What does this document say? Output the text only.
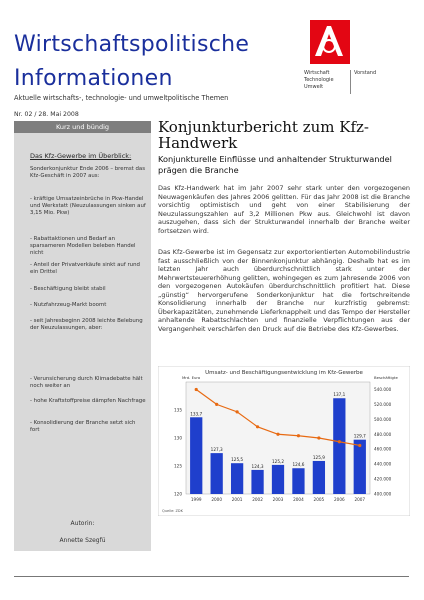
Wirtschaftspolitische
Informationen
Aktuelle wirtschafts-, technologie- und umweltpolitische Themen
Wirtschaft
Technologie
Umwelt
Vorstand
Nr. 02 / 28. Mai 2008
Kurz und bündig
Das Kfz-Gewerbe im Überblick:
Sonderkonjunktur Ende 2006 – bremst das Kfz-Geschäft in 2007 aus:
- kräftige Umsatzeinbrüche in Pkw-Handel und Werkstatt (Neuzulassungen sinken auf 3,15 Mio. Pkw)
- Rabattaktionen und Bedarf an sparsameren Modellen beleben Handel nicht
- Anteil der Privatverkäufe sinkt auf rund ein Drittel
- Beschäftigung bleibt stabil
- Nutzfahrzeug-Markt boomt
- seit Jahresbeginn 2008 leichte Belebung der Neuzulassungen, aber:
- Verunsicherung durch Klimadebatte hält noch weiter an
- hohe Kraftstoffpreise dämpfen Nachfrage
- Konsolidierung der Branche setzt sich fort
Autorin:
Annette Szegfü
Konjunkturbericht zum Kfz-Handwerk
Konjunkturelle Einflüsse und anhaltender Strukturwandel prägen die Branche
Das Kfz-Handwerk hat im Jahr 2007 sehr stark unter den vorgezogenen Neuwagenkäufen des Jahres 2006 gelitten. Für das Jahr 2008 ist die Branche vorsichtig optimistisch und geht von einer Stabilisierung der Neuzulassungszahlen auf 3,2 Millionen Pkw aus. Gleichwohl ist davon auszugehen, dass sich der Strukturwandel innerhalb der Branche weiter fortsetzen wird.
Das Kfz-Gewerbe ist im Gegensatz zur exportorientierten Automobilindustrie fast ausschließlich von der Binnenkonjunktur abhängig. Deshalb hat es im letzten Jahr auch überdurchschnittlich stark unter der Mehrwertsteuererhöhung gelitten, wohingegen es zum Jahresende 2006 von den vorgezogenen Autokäufen überdurchschnittlich profitiert hat. Diese „günstig“ hervorgerufene Sonderkonjunktur hat die fortschreitende Konsolidierung innerhalb der Branche nur kurzfristig gebremst: Überkapazitäten, zunehmende Lieferknappheit und das Tempo der Hersteller anhaltende Rabattschlachten und finanzielle Verpflichtungen aus der Vergangenheit verschärfen den Druck auf die Betriebe des Kfz-Gewerbes.
Umsatz- und Beschäftigungsentwicklung im Kfz-Gewerbe
Quelle: ZDK
135
130
125
120
Mrd. Euro
540.000
520.000
500.000
480.000
460.000
440.000
420.000
400.000
Beschäftigte
133,7
1999
127,3
2000
125,5
2001
124,3
2002
125,2
2003
124,6
2004
125,9
2005
137,1
2006
129,7
2007
